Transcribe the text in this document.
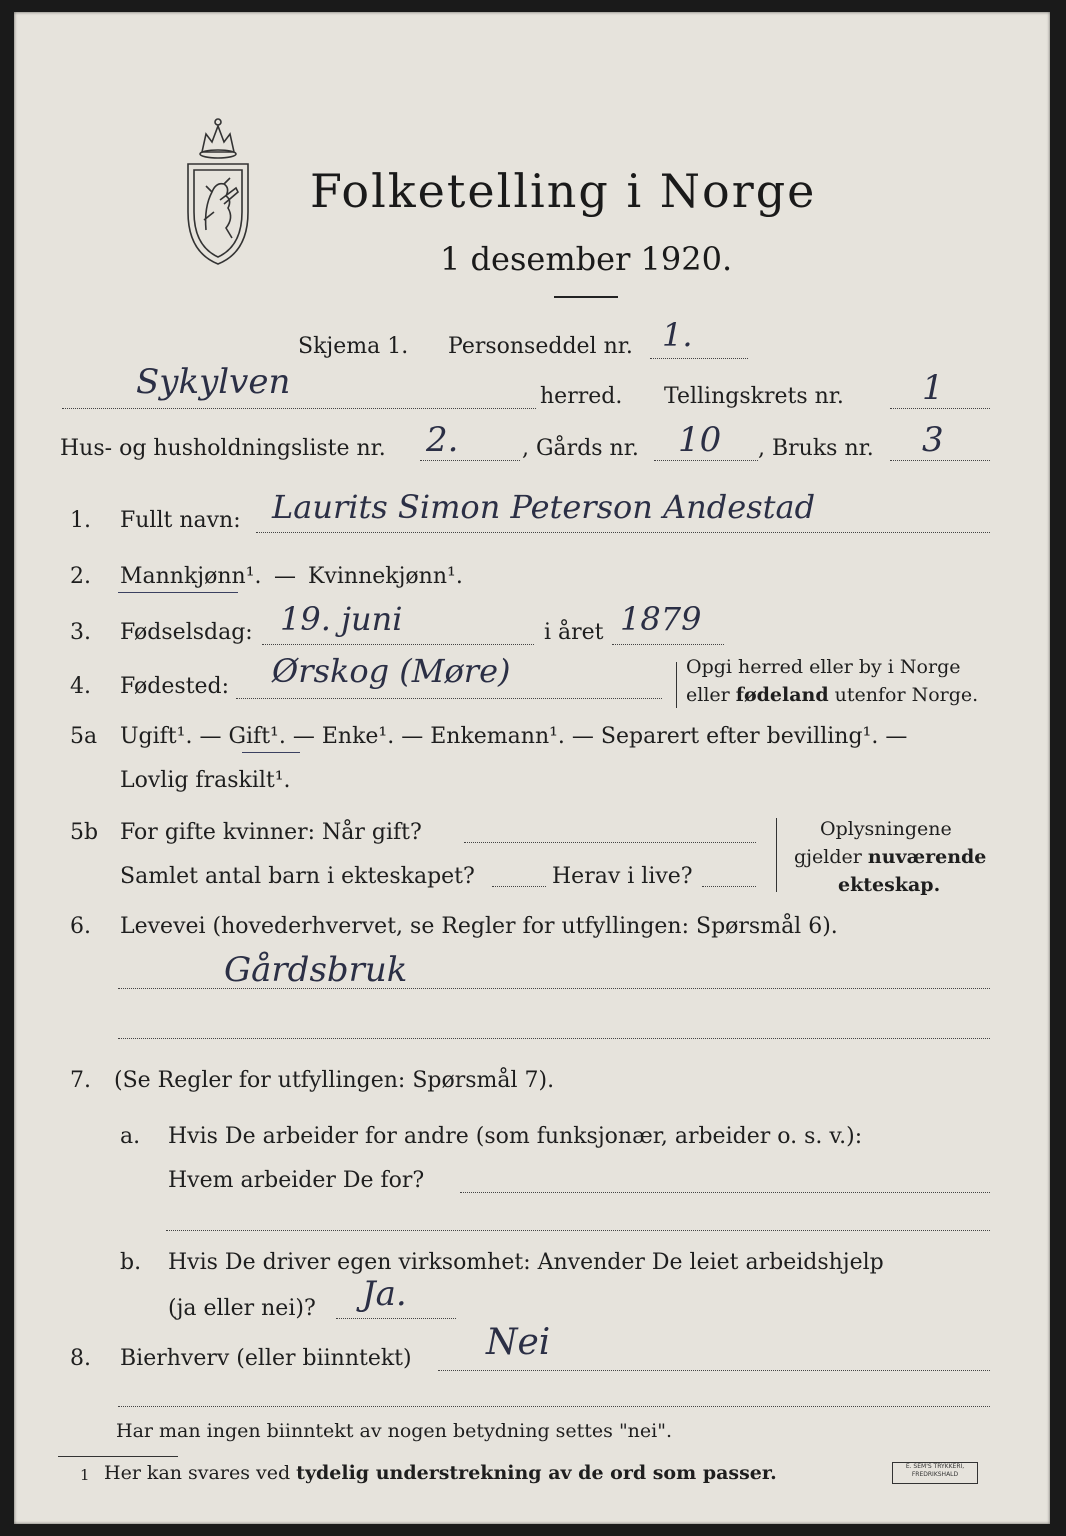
Folketelling i Norge
1 desember 1920.
Skjema 1. Personseddel nr. 1.
Sykylven	herred. Tellingskrets nr. 1
Hus- og husholdningsliste nr. 2.	, Gårds nr. 10 , Bruks nr. 3
1. Fullt navn: Laurits Simon Peterson Andestad
2. Mannkjønn¹. — Kvinnekjønn¹.
3. Fødselsdag: 19. juni	i året 1879
4. Fødested: Ørskog (Møre)	Opgi herred eller by i Norge
eller fødeland utenfor Norge.
5a Ugift¹. — Gift¹. — Enke¹. — Enkemann¹. — Separert efter bevilling¹. —
Lovlig fraskilt¹.
5b For gifte kvinner: Når gift?
Samlet antal barn i ekteskapet?	Herav i live?
Oplysningene
gjelder nuværende
ekteskap.
6. Levevei (hovederhvervet, se Regler for utfyllingen: Spørsmål 6).
Gårdsbruk
7. (Se Regler for utfyllingen: Spørsmål 7).
a. Hvis De arbeider for andre (som funksjonær, arbeider o. s. v.):
Hvem arbeider De for?
b. Hvis De driver egen virksomhet: Anvender De leiet arbeidshjelp
(ja eller nei)? Ja.
8. Bierhverv (eller biinntekt) Nei
Har man ingen biinntekt av nogen betydning settes "nei".
1 Her kan svares ved tydelig understrekning av de ord som passer.	E. SEM'S TRYKKERI,
FREDRIKSHALD
